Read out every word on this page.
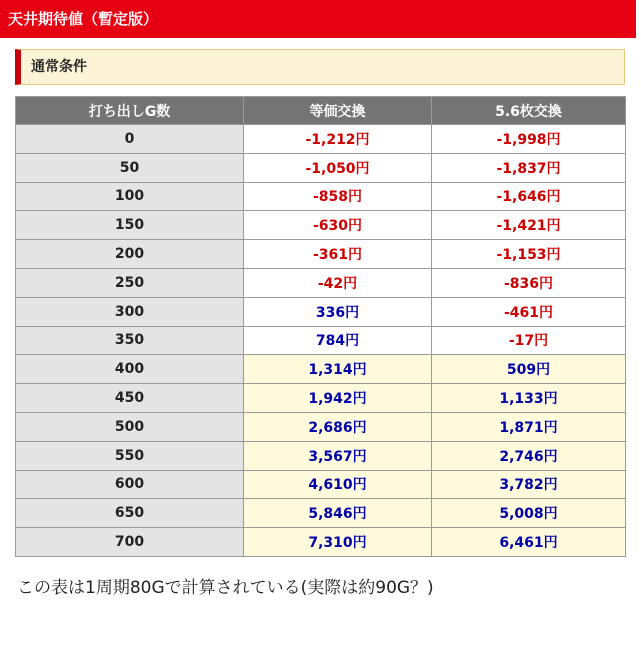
天井期待値（暫定版）
通常条件
打ち出しG数	等価交換	5.6枚交換
0	-1,212円	-1,998円
50	-1,050円	-1,837円
100	-858円	-1,646円
150	-630円	-1,421円
200	-361円	-1,153円
250	-42円	-836円
300	336円	-461円
350	784円	-17円
400	1,314円	509円
450	1,942円	1,133円
500	2,686円	1,871円
550	3,567円	2,746円
600	4,610円	3,782円
650	5,846円	5,008円
700	7,310円	6,461円
この表は1周期80Gで計算されている(実際は約90G？)
